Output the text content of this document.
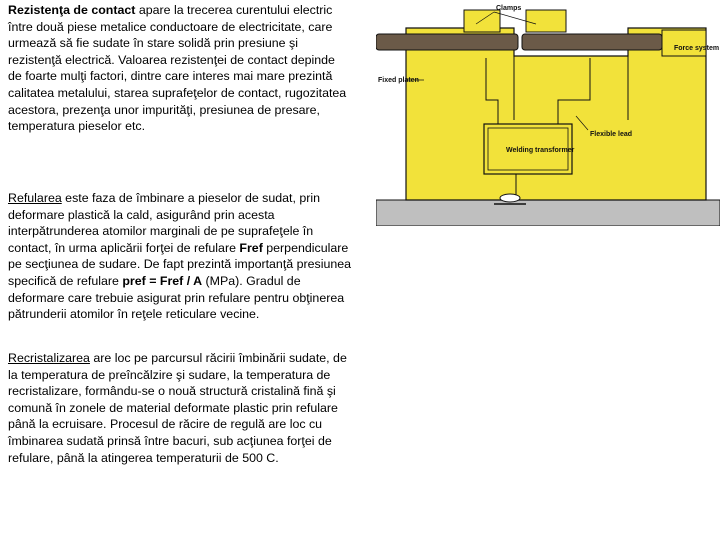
Rezistenţa de contact apare la trecerea curentului electric între două piese metalice conductoare de electricitate, care urmează să fie sudate în stare solidă prin presiune şi rezistenţă electrică. Valoarea rezistenţei de contact depinde de foarte mulţi factori, dintre care interes mai mare prezintă calitatea metalului, starea suprafeţelor de contact, rugozitatea acestora, prezenţa unor impurităţi, presiunea de presare, temperatura pieselor etc.
Refularea este faza de îmbinare a pieselor de sudat, prin deformare plastică la cald, asigurând prin acesta interpătrunderea atomilor marginali de pe suprafeţele în contact, în urma aplicării forţei de refulare Fref perpendiculare pe secţiunea de sudare. De fapt prezintă importanţă presiunea specifică de refulare pref = Fref / A (MPa). Gradul de deformare care trebuie asigurat prin refulare pentru obţinerea pătrunderii atomilor în reţele reticulare vecine.
Recristalizarea are loc pe parcursul răcirii îmbinării sudate, de la temperatura de preîncălzire şi sudare, la temperatura de recristalizare, formându-se o nouă structură cristalină fină şi comună în zonele de material deformate plastic prin refulare până la ecruisare. Procesul de răcire de regulă are loc cu îmbinarea sudată prinsă între bacuri, sub acţiunea forţei de refulare, până la atingerea temperaturii de 500 C.
Clamps
Force system
Fixed platen
Flexible lead
Welding transformer
